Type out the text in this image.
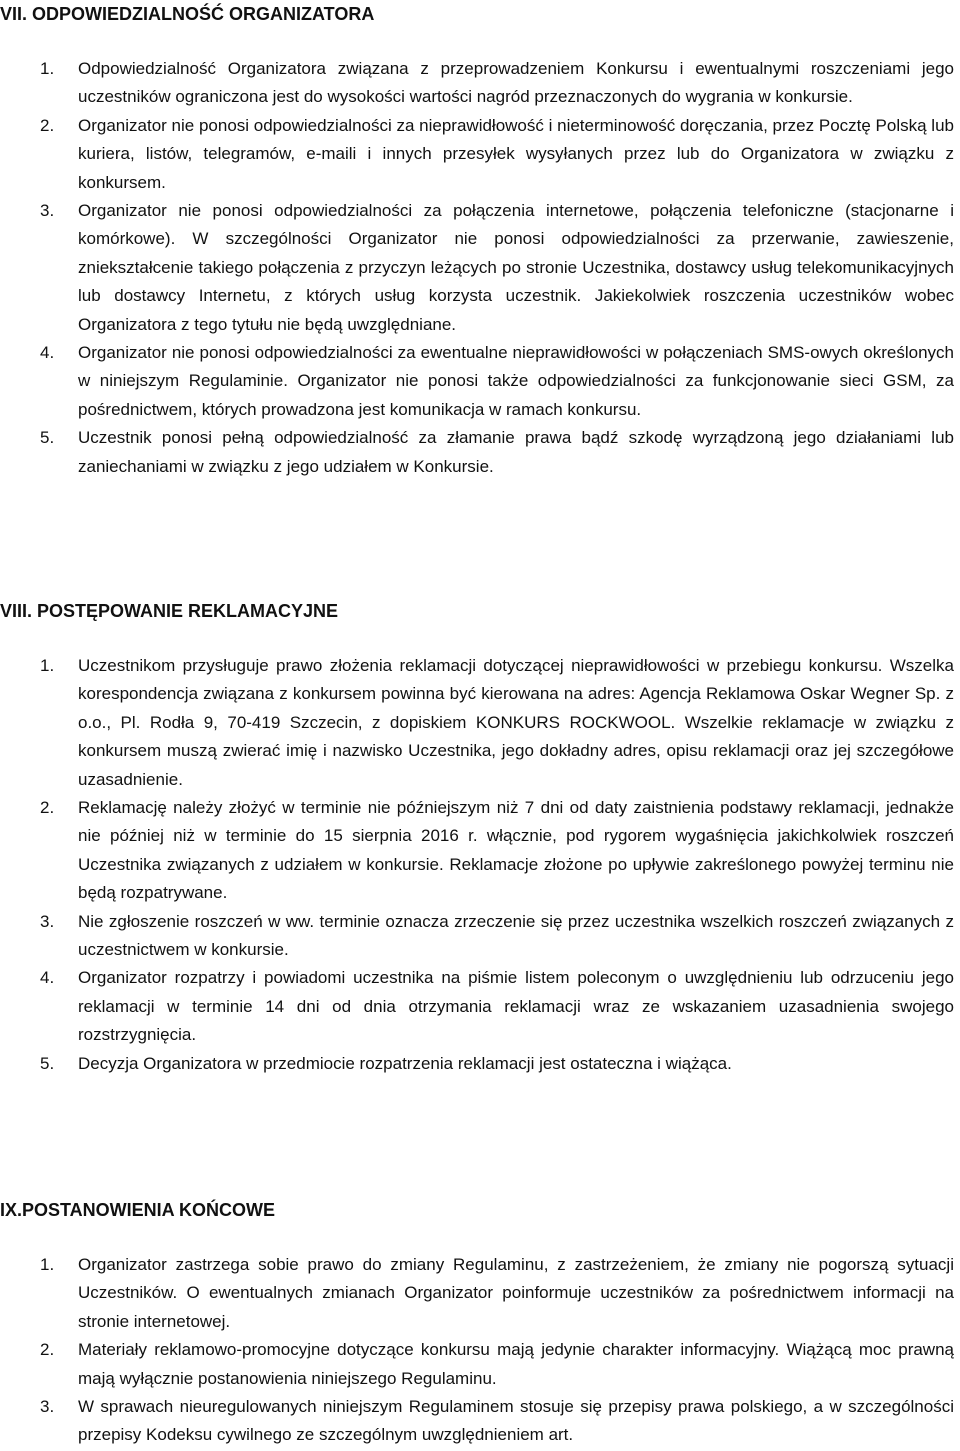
VII. ODPOWIEDZIALNOŚĆ ORGANIZATORA

1. Odpowiedzialność Organizatora związana z przeprowadzeniem Konkursu i ewentualnymi roszczeniami jego uczestników ograniczona jest do wysokości wartości nagród przeznaczonych do wygrania w konkursie.

2. Organizator nie ponosi odpowiedzialności za nieprawidłowość i nieterminowość doręczania, przez Pocztę Polską lub kuriera, listów, telegramów, e-maili i innych przesyłek wysyłanych przez lub do Organizatora w związku z konkursem.

3. Organizator nie ponosi odpowiedzialności za połączenia internetowe, połączenia telefoniczne (stacjonarne i komórkowe). W szczególności Organizator nie ponosi odpowiedzialności za przerwanie, zawieszenie, zniekształcenie takiego połączenia z przyczyn leżących po stronie Uczestnika, dostawcy usług telekomunikacyjnych lub dostawcy Internetu, z których usług korzysta uczestnik. Jakiekolwiek roszczenia uczestników wobec Organizatora z tego tytułu nie będą uwzględniane.

4. Organizator nie ponosi odpowiedzialności za ewentualne nieprawidłowości w połączeniach SMS-owych określonych w niniejszym Regulaminie. Organizator nie ponosi także odpowiedzialności za funkcjonowanie sieci GSM, za pośrednictwem, których prowadzona jest komunikacja w ramach konkursu.

5. Uczestnik ponosi pełną odpowiedzialność za złamanie prawa bądź szkodę wyrządzoną jego działaniami lub zaniechaniami w związku z jego udziałem w Konkursie.

VIII. POSTĘPOWANIE REKLAMACYJNE

1. Uczestnikom przysługuje prawo złożenia reklamacji dotyczącej nieprawidłowości w przebiegu konkursu. Wszelka korespondencja związana z konkursem powinna być kierowana na adres: Agencja Reklamowa Oskar Wegner Sp. z o.o., Pl. Rodła 9, 70-419 Szczecin, z dopiskiem KONKURS ROCKWOOL. Wszelkie reklamacje w związku z konkursem muszą zwierać imię i nazwisko Uczestnika, jego dokładny adres, opisu reklamacji oraz jej szczegółowe uzasadnienie.

2. Reklamację należy złożyć w terminie nie późniejszym niż 7 dni od daty zaistnienia podstawy reklamacji, jednakże nie później niż w terminie do 15 sierpnia 2016 r. włącznie, pod rygorem wygaśnięcia jakichkolwiek roszczeń Uczestnika związanych z udziałem w konkursie. Reklamacje złożone po upływie zakreślonego powyżej terminu nie będą rozpatrywane.

3. Nie zgłoszenie roszczeń w ww. terminie oznacza zrzeczenie się przez uczestnika wszelkich roszczeń związanych z uczestnictwem w konkursie.

4. Organizator rozpatrzy i powiadomi uczestnika na piśmie listem poleconym o uwzględnieniu lub odrzuceniu jego reklamacji w terminie 14 dni od dnia otrzymania reklamacji wraz ze wskazaniem uzasadnienia swojego rozstrzygnięcia.

5. Decyzja Organizatora w przedmiocie rozpatrzenia reklamacji jest ostateczna i wiążąca.

IX.POSTANOWIENIA KOŃCOWE

1. Organizator zastrzega sobie prawo do zmiany Regulaminu, z zastrzeżeniem, że zmiany nie pogorszą sytuacji Uczestników. O ewentualnych zmianach Organizator poinformuje uczestników za pośrednictwem informacji na stronie internetowej.

2. Materiały reklamowo-promocyjne dotyczące konkursu mają jedynie charakter informacyjny. Wiążącą moc prawną mają wyłącznie postanowienia niniejszego Regulaminu.

3. W sprawach nieuregulowanych niniejszym Regulaminem stosuje się przepisy prawa polskiego, a w szczególności przepisy Kodeksu cywilnego ze szczególnym uwzględnieniem art.
